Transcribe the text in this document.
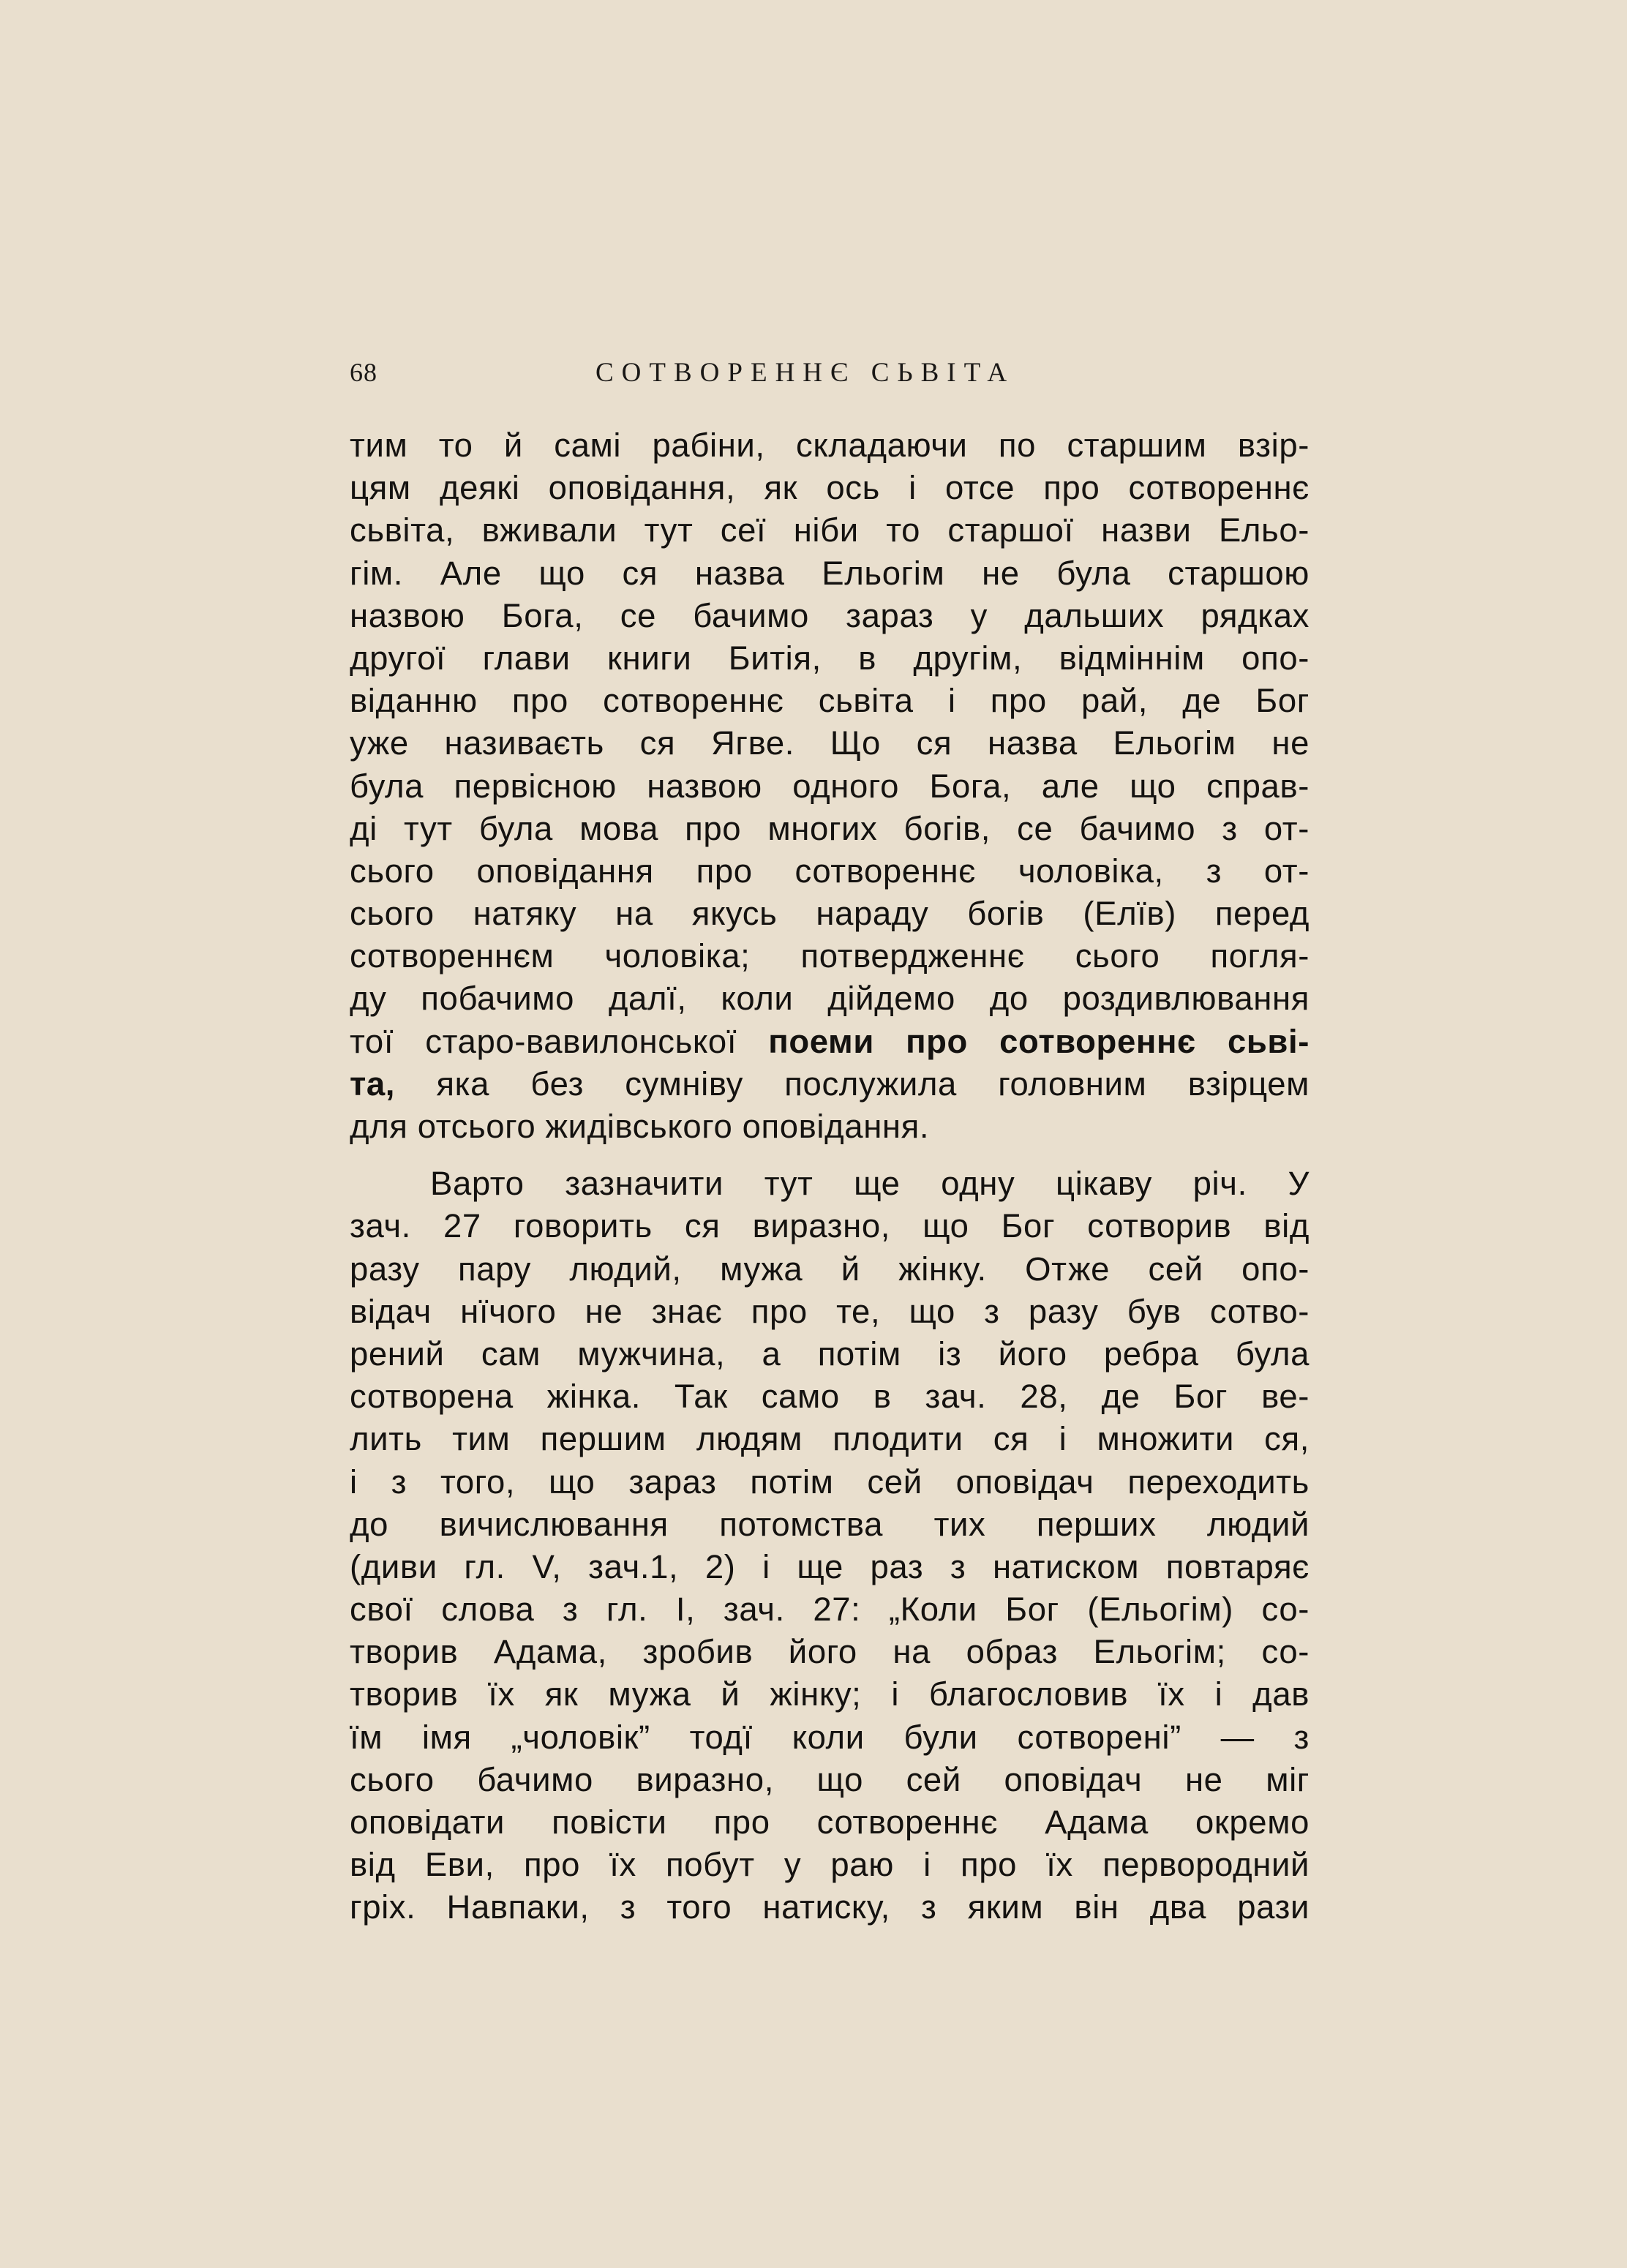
68	СОТВОРЕННЄ СЬВІТА
тим то й самі рабіни, складаючи по старшим взір-
цям деякі оповідання, як ось і отсе про сотвореннє
сьвіта, вживали тут сеї ніби то старшої назви Ельо-
гім. Але що ся назва Ельогім не була старшою
назвою Бога, се бачимо зараз у дальших рядках
другої глави книги Битія, в другім, відміннім опо-
віданню про сотвореннє сьвіта і про рай, де Бог
уже називаєть ся Ягве. Що ся назва Ельогім не
була первісною назвою одного Бога, але що справ-
ді тут була мова про многих богів, се бачимо з от-
сього оповідання про сотвореннє чоловіка, з от-
сього натяку на якусь нараду богів (Елїв) перед
сотвореннєм чоловіка; потвердженнє сього погля-
ду побачимо далї, коли дійдемо до роздивлювання
тої старо-вавилонської поеми про сотвореннє сьві-
та, яка без сумніву послужила головним взірцем
для отсього жидівського оповідання.
Варто зазначити тут ще одну цікаву річ. У
зач. 27 говорить ся виразно, що Бог сотворив від
разу пару людий, мужа й жінку. Отже сей опо-
відач нїчого не знає про те, що з разу був сотво-
рений сам мужчина, а потім із його ребра була
сотворена жінка. Так само в зач. 28, де Бог ве-
лить тим першим людям плодити ся і множити ся,
і з того, що зараз потім сей оповідач переходить
до вичислювання потомства тих перших людий
(диви гл. V, зач.1, 2) і ще раз з натиском повтаряє
свої слова з гл. I, зач. 27: „Коли Бог (Ельогім) со-
творив Адама, зробив його на образ Ельогім; со-
творив їх як мужа й жінку; і благословив їх і дав
їм імя „чоловік” тодї коли були сотворені” — з
сього бачимо виразно, що сей оповідач не міг
оповідати повісти про сотвореннє Адама окремо
від Еви, про їх побут у раю і про їх первородний
гріх. Навпаки, з того натиску, з яким він два рази
